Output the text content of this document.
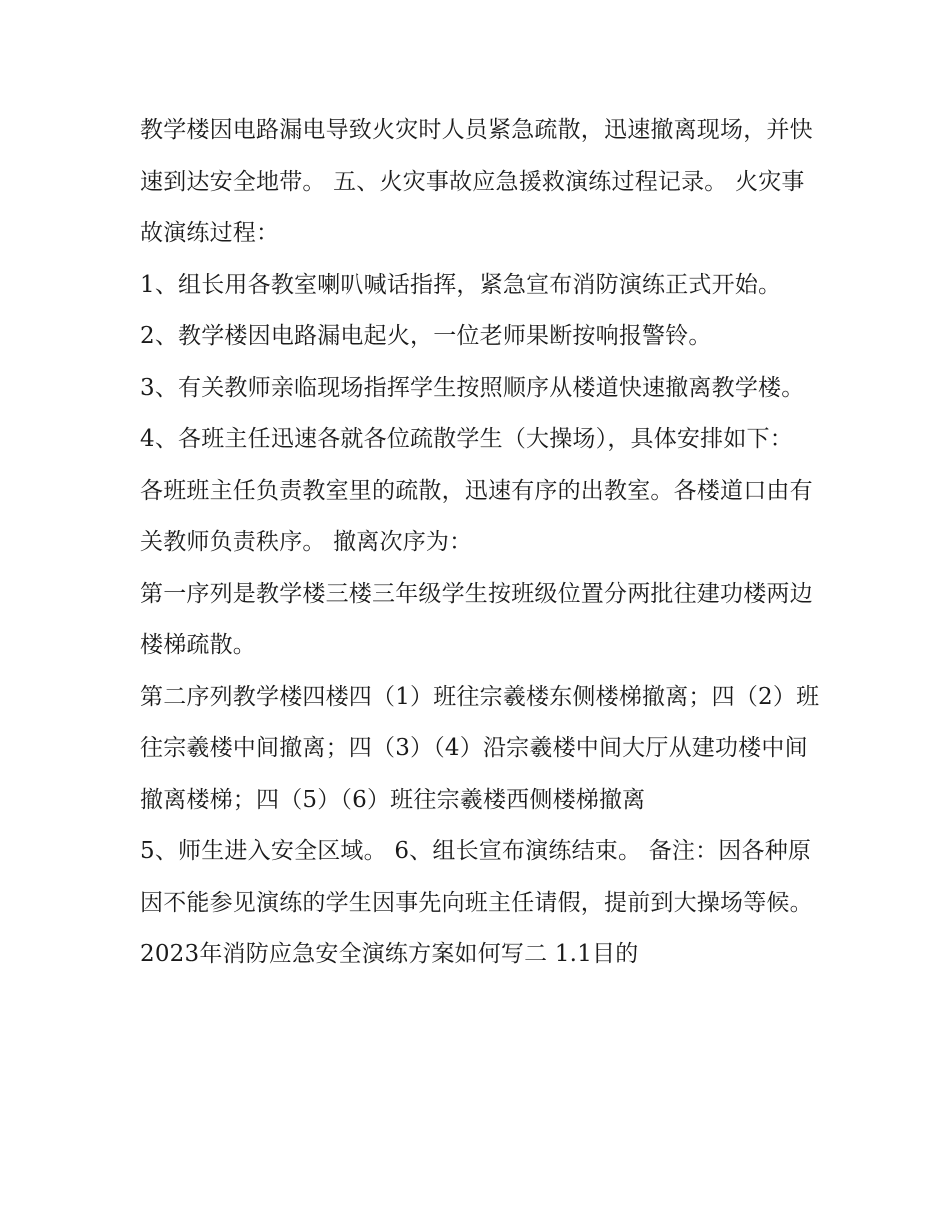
教学楼因电路漏电导致火灾时人员紧急疏散，迅速撤离现场，并快速到达安全地带。 五、火灾事故应急援救演练过程记录。 火灾事故演练过程：

1、组长用各教室喇叭喊话指挥，紧急宣布消防演练正式开始。 2、教学楼因电路漏电起火，一位老师果断按响报警铃。

3、有关教师亲临现场指挥学生按照顺序从楼道快速撤离教学楼。 4、各班主任迅速各就各位疏散学生（大操场），具体安排如下：

各班班主任负责教室里的疏散，迅速有序的出教室。各楼道口由有关教师负责秩序。 撤离次序为：

第一序列是教学楼三楼三年级学生按班级位置分两批往建功楼两边楼梯疏散。

第二序列教学楼四楼四（1）班往宗羲楼东侧楼梯撤离；四（2）班往宗羲楼中间撤离；四（3）（4）沿宗羲楼中间大厅从建功楼中间撤离楼梯；四（5）（6）班往宗羲楼西侧楼梯撤离

5、师生进入安全区域。 6、组长宣布演练结束。 备注：因各种原因不能参见演练的学生因事先向班主任请假，提前到大操场等候。

2023年消防应急安全演练方案如何写二 1.1目的
